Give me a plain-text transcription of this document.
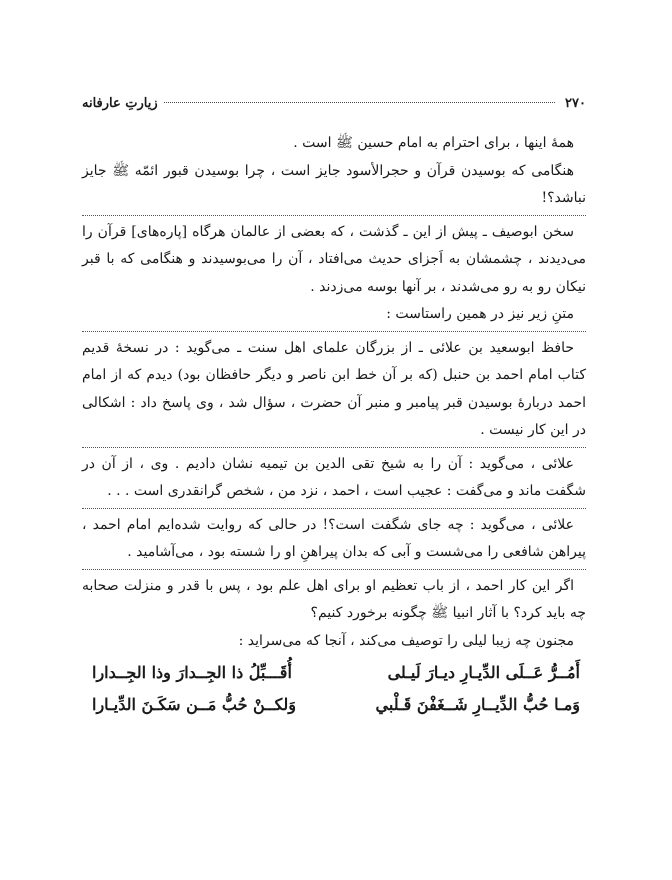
۲۷۰
زیارتِ عارفانه

همهٔ اینها ، برای احترام به امام حسین ﷺ است .

هنگامی که بوسیدن قرآن و حجرالأسود جایز است ، چرا بوسیدن قبور ائمّه ﷺ جایز نباشد؟!

سخن ابوصیف ـ پیش از این ـ گذشت ، که بعضی از عالمان هرگاه [پاره‌های] قرآن را می‌دیدند ، چشمشان به اَجزای حدیث می‌افتاد ، آن را می‌بوسیدند و هنگامی که با قبر نیکان رو به رو می‌شدند ، بر آنها بوسه می‌زدند .

متنِ زیر نیز در همین راستاست :

حافظ ابوسعید بن علائی ـ از بزرگان علمای اهل سنت ـ می‌گوید : در نسخهٔ قدیم کتاب امام احمد بن حنبل (که بر آن خط ابن ناصر و دیگر حافظان بود) دیدم که از امام احمد دربارهٔ بوسیدن قبر پیامبر و منبر آن حضرت ، سؤال شد ، وی پاسخ داد : اشکالی در این کار نیست .

علائی ، می‌گوید : آن را به شیخ تقی الدین بن تیمیه نشان دادیم . وی ، از آن در شگفت ماند و می‌گفت : عجیب است ، احمد ، نزد من ، شخص گرانقدری است . . .

علائی ، می‌گوید : چه جای شگفت است؟! در حالی که روایت شده‌ایم امام احمد ، پیراهن شافعی را می‌شست و آبی که بدان پیراهنِ او را شسته بود ، می‌آشامید .

اگر این کار احمد ، از باب تعظیم او برای اهل علم بود ، پس با قدر و منزلت صحابه چه باید کرد؟ با آثار انبیا ﷺ چگونه برخورد کنیم؟

مجنون چه زیبا لیلی را توصیف می‌کند ، آنجا که می‌سراید :

أَمُــرُّ عَــلَى الدِّيـارِ ديـارَ لَيـلى
أُقَـــبِّلُ ذا الجِــدارَ وذا الجِــدارا
وَمـا حُبُّ الدِّيــارِ شَــغَفْنَ قَـلْبي
وَلكــنْ حُبُّ مَــن سَكَـنَ الدِّيـارا
